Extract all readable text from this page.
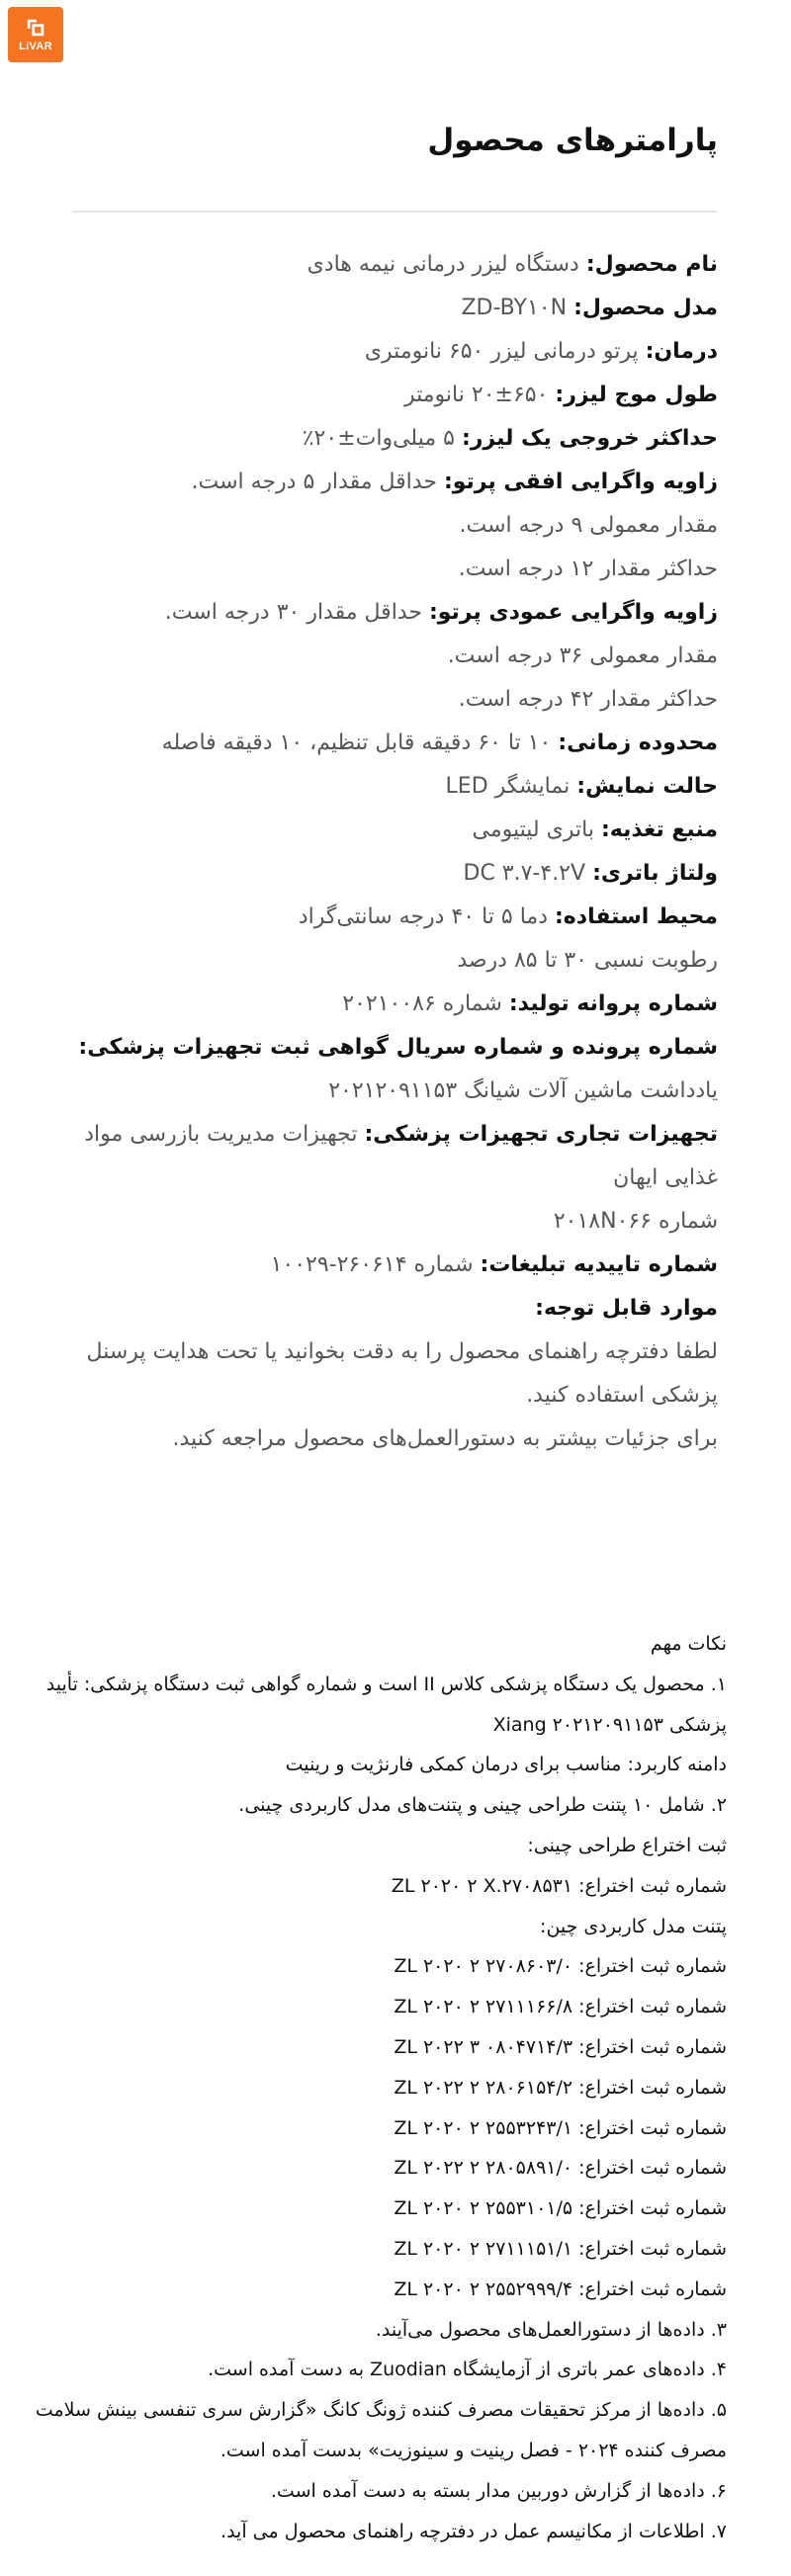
LiVAR
پارامترهای محصول

نام محصول: دستگاه لیزر درمانی نیمه هادی

مدل محصول: ZD-BY۱۰N

درمان: پرتو درمانی لیزر ۶۵۰ نانومتری

طول موج لیزر: ۶۵۰±۲۰ نانومتر

حداکثر خروجی یک لیزر: ۵ میلی‌وات±۲۰٪

زاویه واگرایی افقی پرتو: حداقل مقدار ۵ درجه است.

مقدار معمولی ۹ درجه است.

حداکثر مقدار ۱۲ درجه است.

زاویه واگرایی عمودی پرتو: حداقل مقدار ۳۰ درجه است.

مقدار معمولی ۳۶ درجه است.

حداکثر مقدار ۴۲ درجه است.

محدوده زمانی: ۱۰ تا ۶۰ دقیقه قابل تنظیم، ۱۰ دقیقه فاصله

حالت نمایش: نمایشگر LED

منبع تغذیه: باتری لیتیومی

ولتاژ باتری: DC ۳.۷-۴.۲V

محیط استفاده: دما ۵ تا ۴۰ درجه سانتی‌گراد

رطوبت نسبی ۳۰ تا ۸۵ درصد

شماره پروانه تولید: شماره ۲۰۲۱۰۰۸۶

شماره پرونده و شماره سریال گواهی ثبت تجهیزات پزشکی:

یادداشت ماشین آلات شیانگ ۲۰۲۱۲۰۹۱۱۵۳

تجهیزات تجاری تجهیزات پزشکی: تجهیزات مدیریت بازرسی مواد غذایی ایهان

شماره ۲۰۱۸N۰۶۶

شماره تاییدیه تبلیغات: شماره ۲۶۰۶۱۴-۱۰۰۲۹

موارد قابل توجه:

لطفا دفترچه راهنمای محصول را به دقت بخوانید یا تحت هدایت پرسنل پزشکی استفاده کنید.

برای جزئیات بیشتر به دستورالعمل‌های محصول مراجعه کنید.

نکات مهم

۱. محصول یک دستگاه پزشکی کلاس II است و شماره گواهی ثبت دستگاه پزشکی: تأیید پزشکی Xiang ۲۰۲۱۲۰۹۱۱۵۳

دامنه کاربرد: مناسب برای درمان کمکی فارنژیت و رینیت

۲. شامل ۱۰ پتنت طراحی چینی و پتنت‌های مدل کاربردی چینی.

ثبت اختراع طراحی چینی:

شماره ثبت اختراع: ZL ۲۰۲۰ ۲ X.۲۷۰۸۵۳۱

پتنت مدل کاربردی چین:

شماره ثبت اختراع: ZL ۲۰۲۰ ۲ ۲۷۰۸۶۰۳/۰

شماره ثبت اختراع: ZL ۲۰۲۰ ۲ ۲۷۱۱۱۶۶/۸

شماره ثبت اختراع: ZL ۲۰۲۲ ۳ ۰۸۰۴۷۱۴/۳

شماره ثبت اختراع: ZL ۲۰۲۲ ۲ ۲۸۰۶۱۵۴/۲

شماره ثبت اختراع: ZL ۲۰۲۰ ۲ ۲۵۵۳۲۴۳/۱

شماره ثبت اختراع: ZL ۲۰۲۲ ۲ ۲۸۰۵۸۹۱/۰

شماره ثبت اختراع: ZL ۲۰۲۰ ۲ ۲۵۵۳۱۰۱/۵

شماره ثبت اختراع: ZL ۲۰۲۰ ۲ ۲۷۱۱۱۵۱/۱

شماره ثبت اختراع: ZL ۲۰۲۰ ۲ ۲۵۵۲۹۹۹/۴

۳. داده‌ها از دستورالعمل‌های محصول می‌آیند.

۴. داده‌های عمر باتری از آزمایشگاه Zuodian به دست آمده است.

۵. داده‌ها از مرکز تحقیقات مصرف کننده ژونگ کانگ «گزارش سری تنفسی بینش سلامت مصرف کننده ۲۰۲۴ - فصل رینیت و سینوزیت» بدست آمده است.

۶. داده‌ها از گزارش دوربین مدار بسته به دست آمده است.

۷. اطلاعات از مکانیسم عمل در دفترچه راهنمای محصول می آید.
